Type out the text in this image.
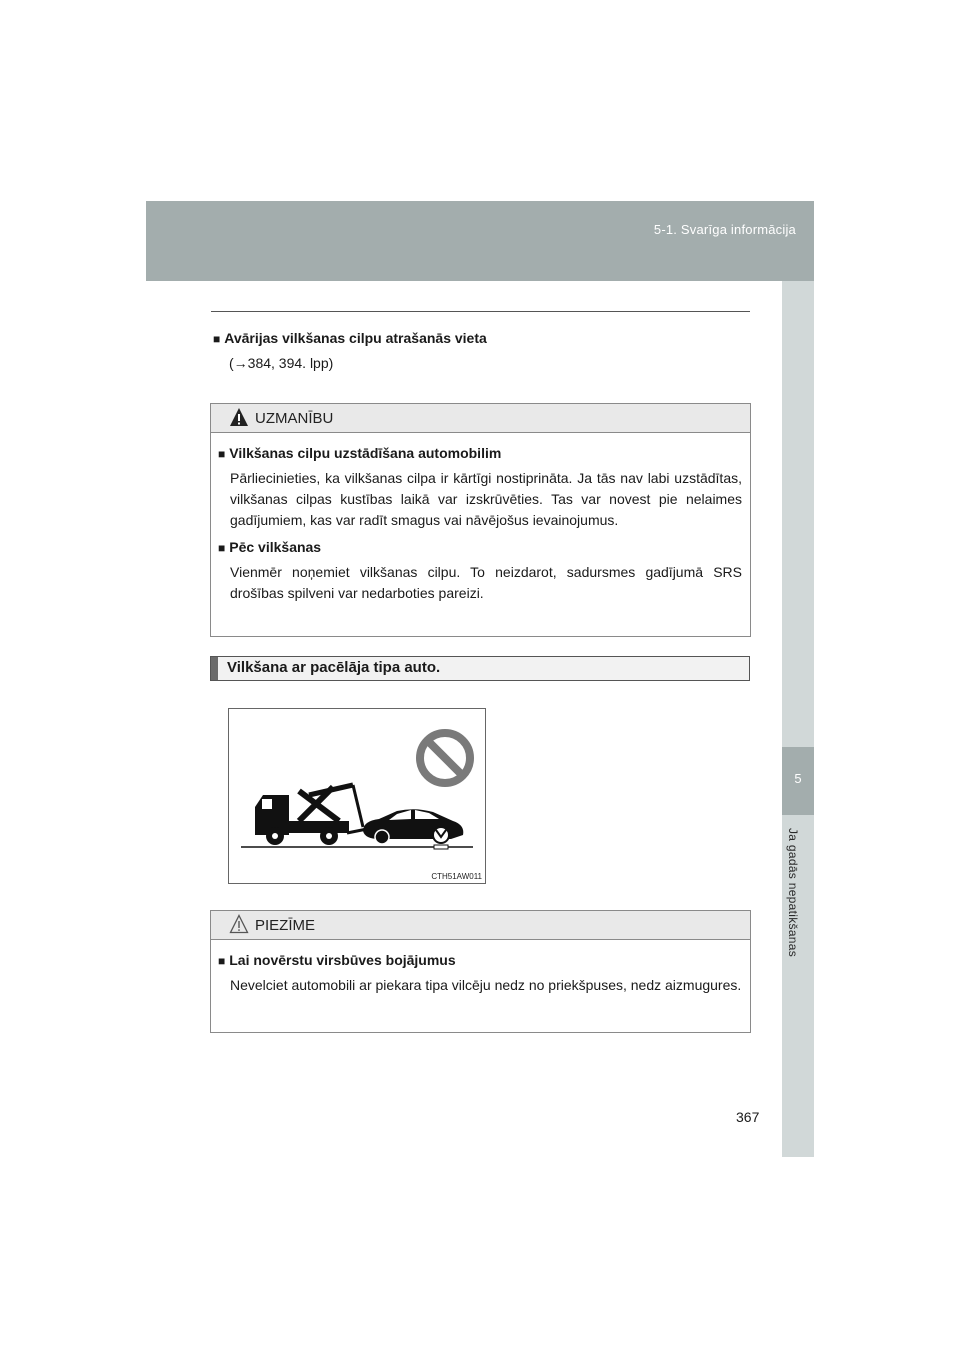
5-1. Svarīga informācija
5
Ja gadās nepatikšanas
■ Avārijas vilkšanas cilpu atrašanās vieta
(→384, 394. lpp)
UZMANĪBU
■ Vilkšanas cilpu uzstādīšana automobilim
Pārliecinieties, ka vilkšanas cilpa ir kārtīgi nostiprināta. Ja tās nav labi uzstādītas, vilkšanas cilpas kustības laikā var izskrūvēties. Tas var novest pie nelaimes gadījumiem, kas var radīt smagus vai nāvējošus ievainojumus.
■ Pēc vilkšanas
Vienmēr noņemiet vilkšanas cilpu. To neizdarot, sadursmes gadījumā SRS drošības spilveni var nedarboties pareizi.
Vilkšana ar pacēlāja tipa auto.
CTH51AW011
PIEZĪME
■ Lai novērstu virsbūves bojājumus
Nevelciet automobili ar piekara tipa vilcēju nedz no priekšpuses, nedz aizmugures.
367
